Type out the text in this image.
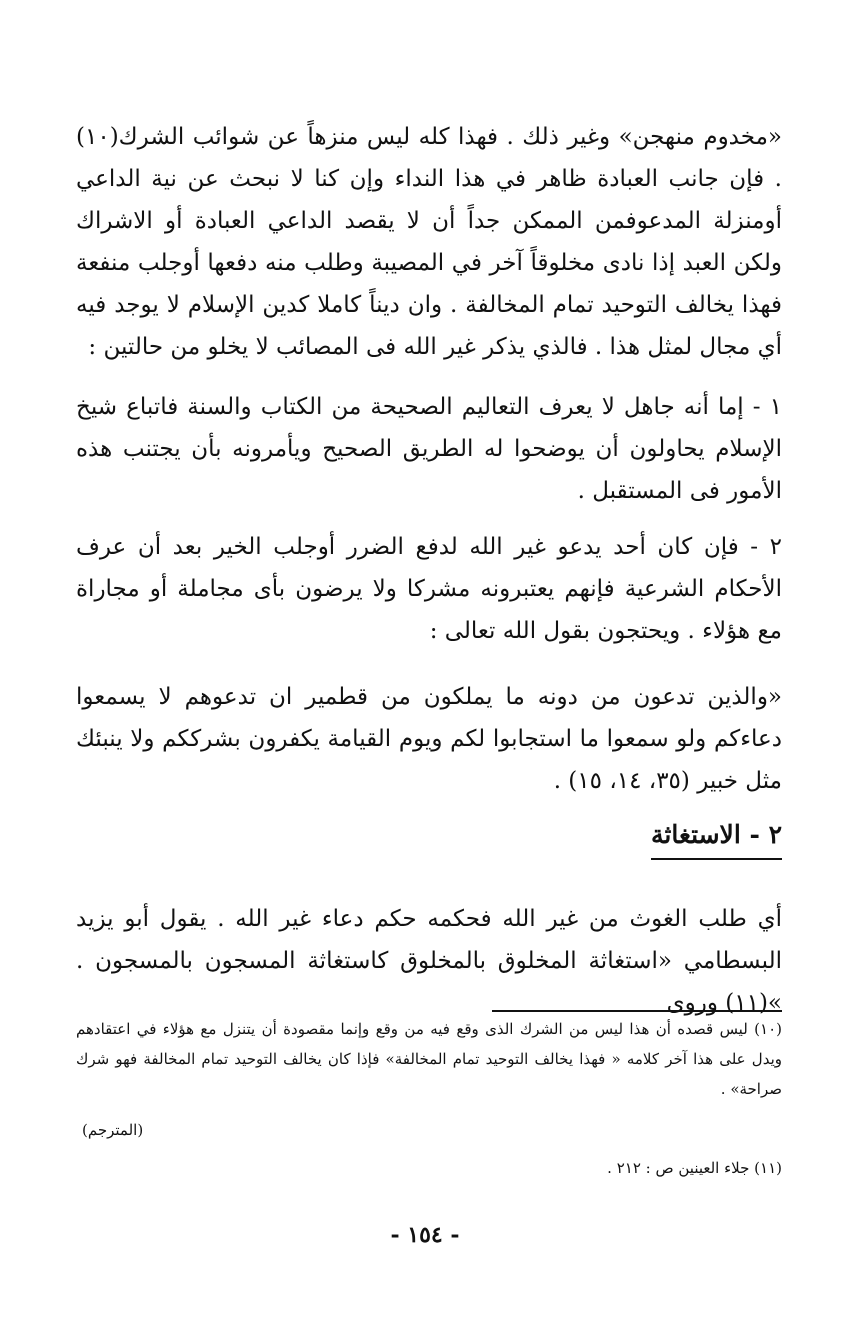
«مخدوم منهجن» وغير ذلك . فهذا كله ليس منزهاً عن شوائب الشرك(١٠) . فإن جانب العبادة ظاهر في هذا النداء وإن كنا لا نبحث عن نية الداعي أومنزلة المدعوفمن الممكن جداً أن لا يقصد الداعي العبادة أو الاشراك ولكن العبد إذا نادى مخلوقاً آخر في المصيبة وطلب منه دفعها أوجلب منفعة فهذا يخالف التوحيد تمام المخالفة . وان ديناً كاملا كدين الإسلام لا يوجد فيه أي مجال لمثل هذا . فالذي يذكر غير الله فى المصائب لا يخلو من حالتين :

١ - إما أنه جاهل لا يعرف التعاليم الصحيحة من الكتاب والسنة فاتباع شيخ الإسلام يحاولون أن يوضحوا له الطريق الصحيح ويأمرونه بأن يجتنب هذه الأمور فى المستقبل .

٢ - فإن كان أحد يدعو غير الله لدفع الضرر أوجلب الخير بعد أن عرف الأحكام الشرعية فإنهم يعتبرونه مشركا ولا يرضون بأى مجاملة أو مجاراة مع هؤلاء . ويحتجون بقول الله تعالى :

«والذين تدعون من دونه ما يملكون من قطمير ان تدعوهم لا يسمعوا دعاءكم ولو سمعوا ما استجابوا لكم ويوم القيامة يكفرون بشرككم ولا ينبئك مثل خبير (٣٥، ١٤، ١٥) .

٢ - الاستغاثة

أي طلب الغوث من غير الله فحكمه حكم دعاء غير الله . يقول أبو يزيد البسطامي «استغاثة المخلوق بالمخلوق كاستغاثة المسجون بالمسجون . »(١١) وروى

(١٠) ليس قصده أن هذا ليس من الشرك الذى وقع فيه من وقع وإنما مقصودة أن يتنزل مع هؤلاء في اعتقادهم ويدل على هذا آخر كلامه « فهذا يخالف التوحيد تمام المخالفة» فإذا كان يخالف التوحيد تمام المخالفة فهو شرك صراحة» .

(المترجم)

(١١) جلاء العينين ص : ٢١٢ .

- ١٥٤ -
